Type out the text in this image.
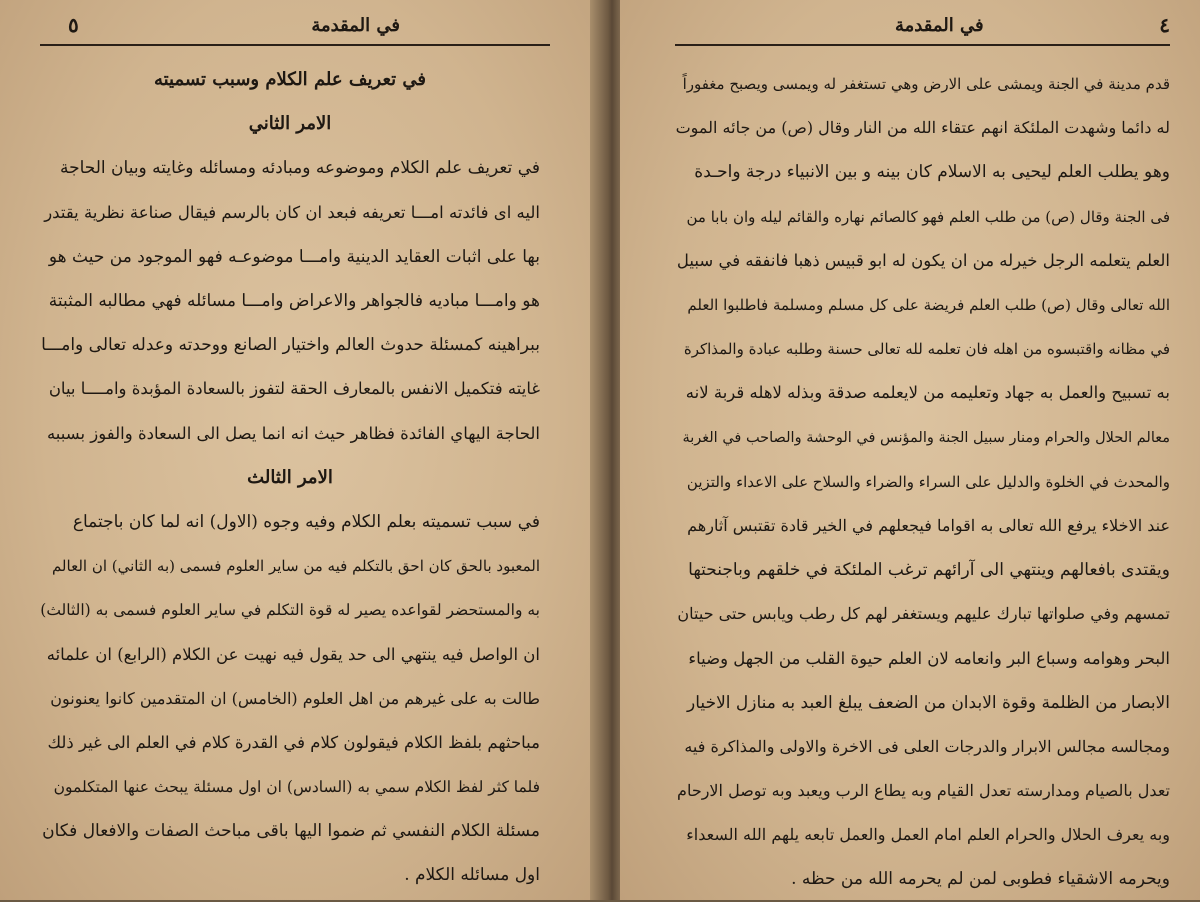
٥	في المقدمة
في تعريف علم الكلام وسبب تسميته
الامر الثاني
في تعريف علم الكلام وموضوعه ومبادئه ومسائله وغايته وبيان الحاجة
اليه اى فائدته امـــا تعريفه فبعد ان كان بالرسم فيقال صناعة نظرية يقتدر
بها على اثبات العقايد الدينية وامـــا موضوعـه فهو الموجود من حيث هو
هو وامـــا مباديه فالجواهر والاعراض وامـــا مسائله فهي مطالبه المثبتة
ببراهينه كمسئلة حدوث العالم واختيار الصانع ووحدته وعدله تعالى وامـــا
غايته فتكميل الانفس بالمعارف الحقة لتفوز بالسعادة المؤبدة وامــــا بيان
الحاجة اليهاي الفائدة فظاهر حيث انه انما يصل الى السعادة والفوز بسببه
الامر الثالث
في سبب تسميته بعلم الكلام وفيه وجوه (الاول) انه لما كان باجتماع
المعبود بالحق كان احق بالتكلم فيه من ساير العلوم فسمى (به الثاني) ان العالم
به والمستحضر لقواعده يصير له قوة التكلم في ساير العلوم فسمى به (الثالث)
ان الواصل فيه ينتهي الى حد يقول فيه نهيت عن الكلام (الرابع) ان علمائه
طالت به على غيرهم من اهل العلوم (الخامس) ان المتقدمين كانوا يعنونون
مباحثهم بلفظ الكلام فيقولون كلام في القدرة كلام في العلم الى غير ذلك
فلما كثر لفظ الكلام سمي به (السادس) ان اول مسئلة يبحث عنها المتكلمون
مسئلة الكلام النفسي ثم ضموا اليها باقى مباحث الصفات والافعال فكان
اول مسائله الكلام .
في المقدمة	٤
قدم مدينة في الجنة ويمشى على الارض وهي تستغفر له ويمسى ويصبح مغفوراً
له دائما وشهدت الملئكة انهم عتقاء الله من النار وقال (ص) من جائه الموت
وهو يطلب العلم ليحيى به الاسلام كان بينه و بين الانبياء درجة واحـدة
فى الجنة وقال (ص) من طلب العلم فهو كالصائم نهاره والقائم ليله وان بابا من
العلم يتعلمه الرجل خيرله من ان يكون له ابو قبيس ذهبا فانفقه في سبيل
الله تعالى وقال (ص) طلب العلم فريضة على كل مسلم ومسلمة فاطلبوا العلم
في مظانه واقتبسوه من اهله فان تعلمه لله تعالى حسنة وطلبه عبادة والمذاكرة
به تسبيح والعمل به جهاد وتعليمه من لايعلمه صدقة وبذله لاهله قربة لانه
معالم الحلال والحرام ومنار سبيل الجنة والمؤنس في الوحشة والصاحب في الغربة
والمحدث في الخلوة والدليل على السراء والضراء والسلاح على الاعداء والتزين
عند الاخلاء يرفع الله تعالى به اقواما فيجعلهم في الخير قادة تقتبس آثارهم
ويقتدى بافعالهم وينتهي الى آرائهم ترغب الملئكة في خلقهم وباجنحتها
تمسهم وفي صلواتها تبارك عليهم ويستغفر لهم كل رطب ويابس حتى حيتان
البحر وهوامه وسباع البر وانعامه لان العلم حيوة القلب من الجهل وضياء
الابصار من الظلمة وقوة الابدان من الضعف يبلغ العبد به منازل الاخيار
ومجالسه مجالس الابرار والدرجات العلى فى الاخرة والاولى والمذاكرة فيه
تعدل بالصيام ومدارسته تعدل القيام وبه يطاع الرب ويعبد وبه توصل الارحام
وبه يعرف الحلال والحرام العلم امام العمل والعمل تابعه يلهم الله السعداء
ويحرمه الاشقياء فطوبى لمن لم يحرمه الله من حظه .
